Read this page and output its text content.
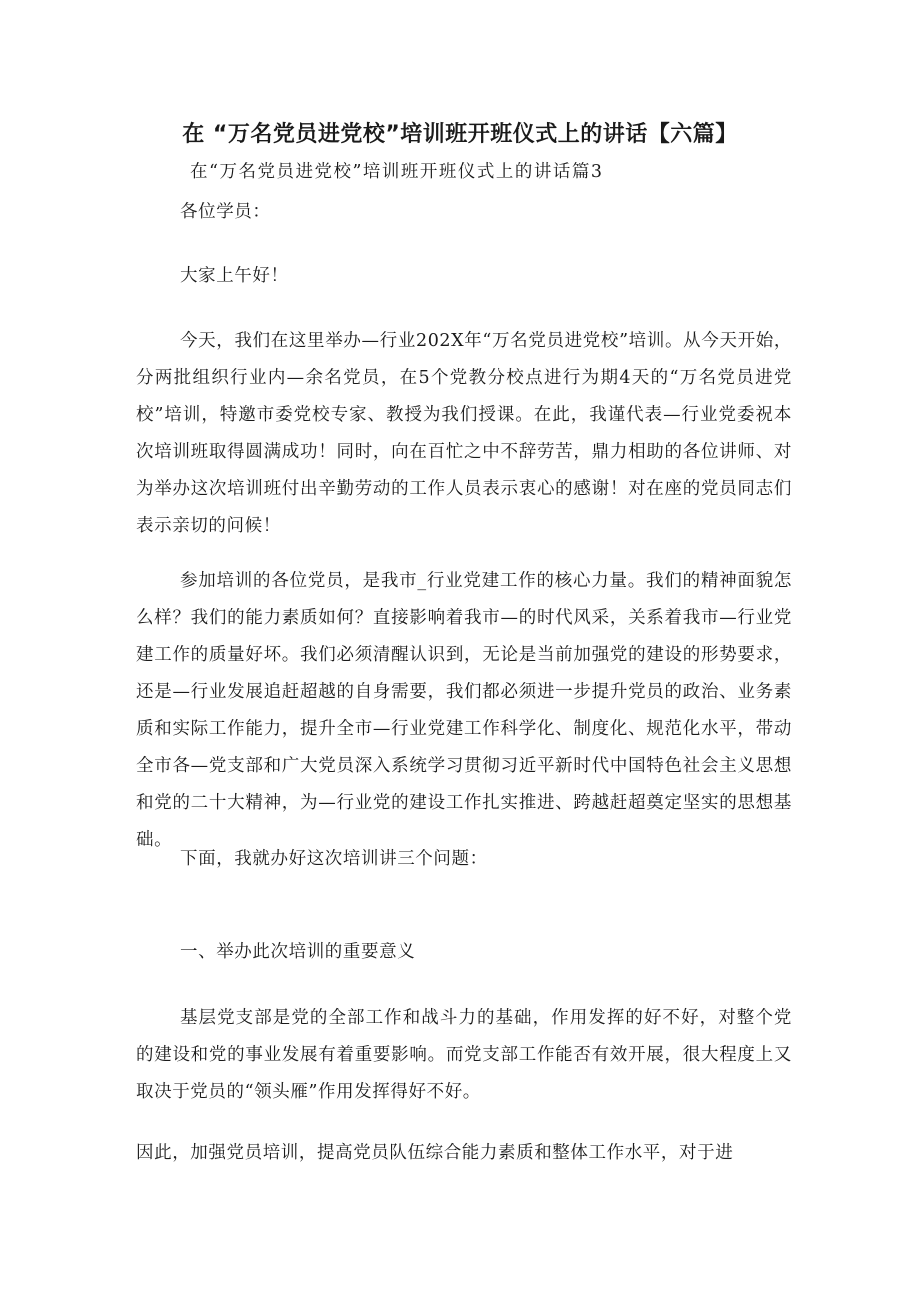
在 “万名党员进党校”培训班开班仪式上的讲话【六篇】
在“万名党员进党校”培训班开班仪式上的讲话篇3

各位学员：

大家上午好！

今天，我们在这里举办—行业202X年“万名党员进党校”培训。从今天开始，分两批组织行业内—余名党员，在5个党教分校点进行为期4天的“万名党员进党校”培训，特邀市委党校专家、教授为我们授课。在此，我谨代表—行业党委祝本次培训班取得圆满成功！同时，向在百忙之中不辞劳苦，鼎力相助的各位讲师、对为举办这次培训班付出辛勤劳动的工作人员表示衷心的感谢！对在座的党员同志们表示亲切的问候！

参加培训的各位党员，是我市_行业党建工作的核心力量。我们的精神面貌怎么样？我们的能力素质如何？直接影响着我市—的时代风采，关系着我市—行业党建工作的质量好坏。我们必须清醒认识到，无论是当前加强党的建设的形势要求，还是—行业发展追赶超越的自身需要，我们都必须进一步提升党员的政治、业务素质和实际工作能力，提升全市—行业党建工作科学化、制度化、规范化水平，带动全市各—党支部和广大党员深入系统学习贯彻习近平新时代中国特色社会主义思想和党的二十大精神，为—行业党的建设工作扎实推进、跨越赶超奠定坚实的思想基础。

下面，我就办好这次培训讲三个问题：

一、举办此次培训的重要意义

基层党支部是党的全部工作和战斗力的基础，作用发挥的好不好，对整个党的建设和党的事业发展有着重要影响。而党支部工作能否有效开展，很大程度上又取决于党员的“领头雁”作用发挥得好不好。

因此，加强党员培训，提高党员队伍综合能力素质和整体工作水平，对于进
